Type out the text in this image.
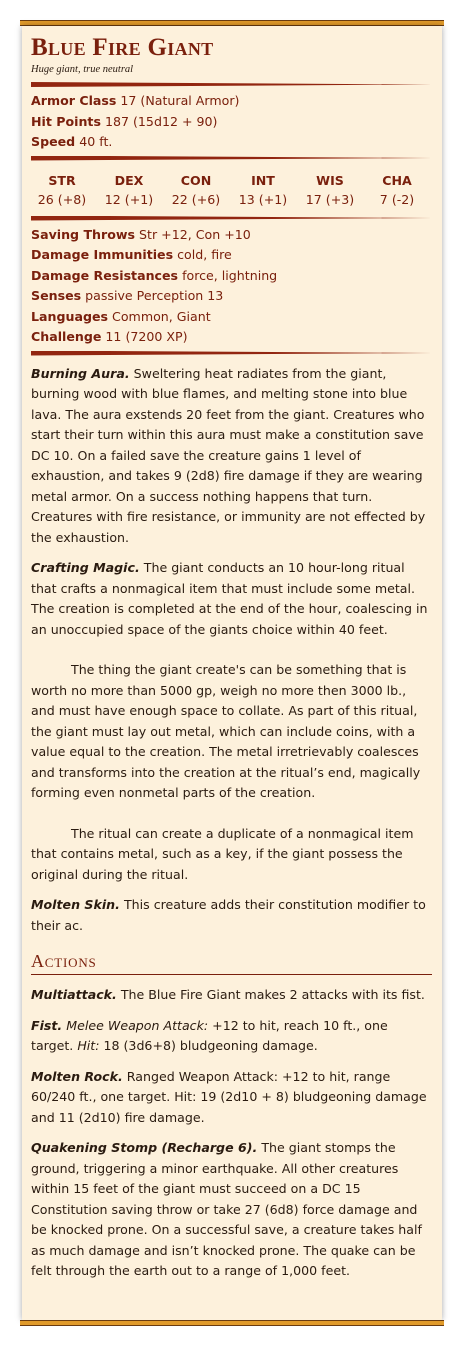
Blue Fire Giant

Huge giant, true neutral

Armor Class 17 (Natural Armor)

Hit Points 187 (15d12 + 90)

Speed 40 ft.

STR
26 (+8)
DEX
12 (+1)
CON
22 (+6)
INT
13 (+1)
WIS
17 (+3)
CHA
7 (-2)

Saving Throws Str +12, Con +10

Damage Immunities cold, fire

Damage Resistances force, lightning

Senses passive Perception 13

Languages Common, Giant

Challenge 11 (7200 XP)

Burning Aura. Sweltering heat radiates from the giant, burning wood with blue flames, and melting stone into blue lava. The aura exstends 20 feet from the giant. Creatures who start their turn within this aura must make a constitution save DC 10. On a failed save the creature gains 1 level of exhaustion, and takes 9 (2d8) fire damage if they are wearing metal armor. On a success nothing happens that turn. Creatures with fire resistance, or immunity are not effected by the exhaustion.

Crafting Magic. The giant conducts an 10 hour-long ritual that crafts a nonmagical item that must include some metal. The creation is completed at the end of the hour, coalescing in an unoccupied space of the giants choice within 40 feet.

The thing the giant create's can be something that is worth no more than 5000 gp, weigh no more then 3000 lb., and must have enough space to collate. As part of this ritual, the giant must lay out metal, which can include coins, with a value equal to the creation. The metal irretrievably coalesces and transforms into the creation at the ritual’s end, magically forming even nonmetal parts of the creation.

The ritual can create a duplicate of a nonmagical item that contains metal, such as a key, if the giant possess the original during the ritual.

Molten Skin. This creature adds their constitution modifier to their ac.

Actions

Multiattack. The Blue Fire Giant makes 2 attacks with its fist.

Fist. Melee Weapon Attack: +12 to hit, reach 10 ft., one target. Hit: 18 (3d6+8) bludgeoning damage.

Molten Rock. Ranged Weapon Attack: +12 to hit, range 60/240 ft., one target. Hit: 19 (2d10 + 8) bludgeoning damage and 11 (2d10) fire damage.

Quakening Stomp (Recharge 6). The giant stomps the ground, triggering a minor earthquake. All other creatures within 15 feet of the giant must succeed on a DC 15 Constitution saving throw or take 27 (6d8) force damage and be knocked prone. On a successful save, a creature takes half as much damage and isn’t knocked prone. The quake can be felt through the earth out to a range of 1,000 feet.
